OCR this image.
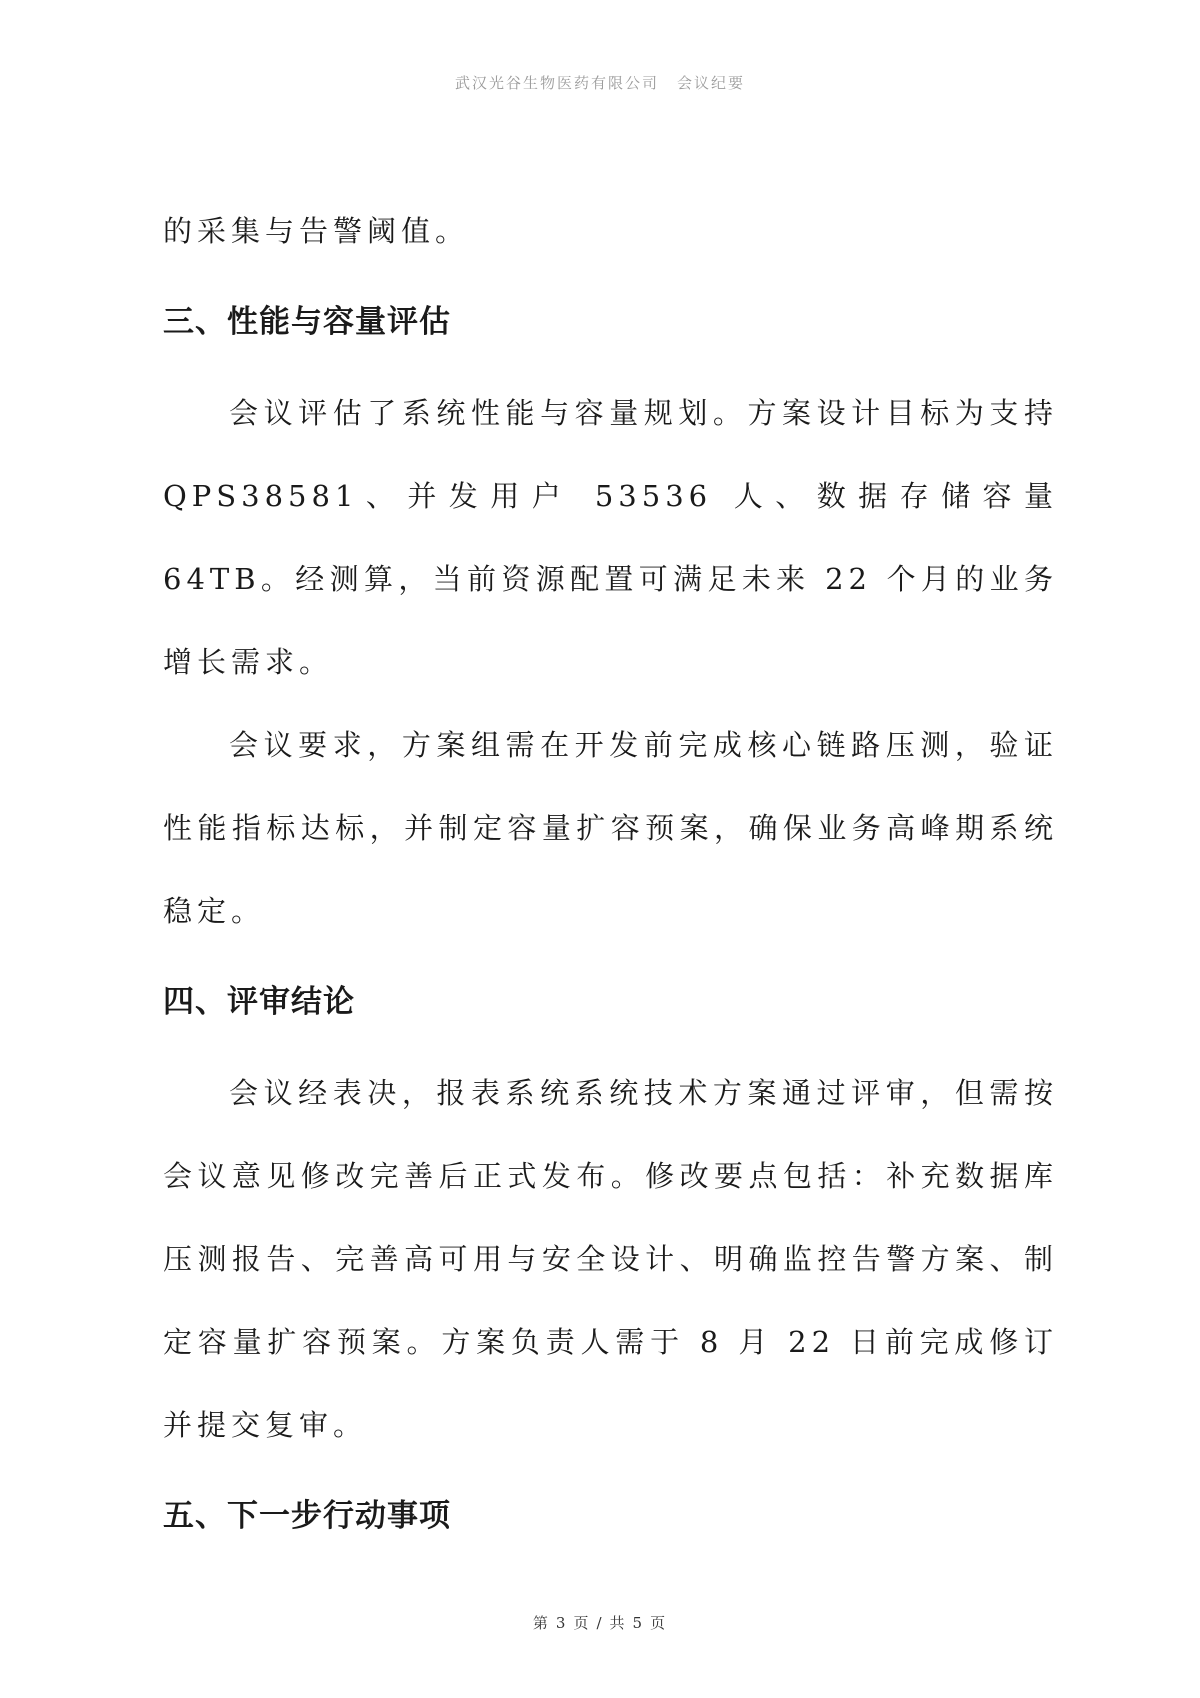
武汉光谷生物医药有限公司 会议纪要

的采集与告警阈值。

三、性能与容量评估

会议评估了系统性能与容量规划。方案设计目标为支持QPS38581、并发用户 53536 人、数据存储容量 64TB。经测算，当前资源配置可满足未来 22 个月的业务增长需求。

会议要求，方案组需在开发前完成核心链路压测，验证性能指标达标，并制定容量扩容预案，确保业务高峰期系统稳定。

四、评审结论

会议经表决，报表系统系统技术方案通过评审，但需按会议意见修改完善后正式发布。修改要点包括：补充数据库压测报告、完善高可用与安全设计、明确监控告警方案、制定容量扩容预案。方案负责人需于 8 月 22 日前完成修订并提交复审。

五、下一步行动事项
第 3 页 / 共 5 页
